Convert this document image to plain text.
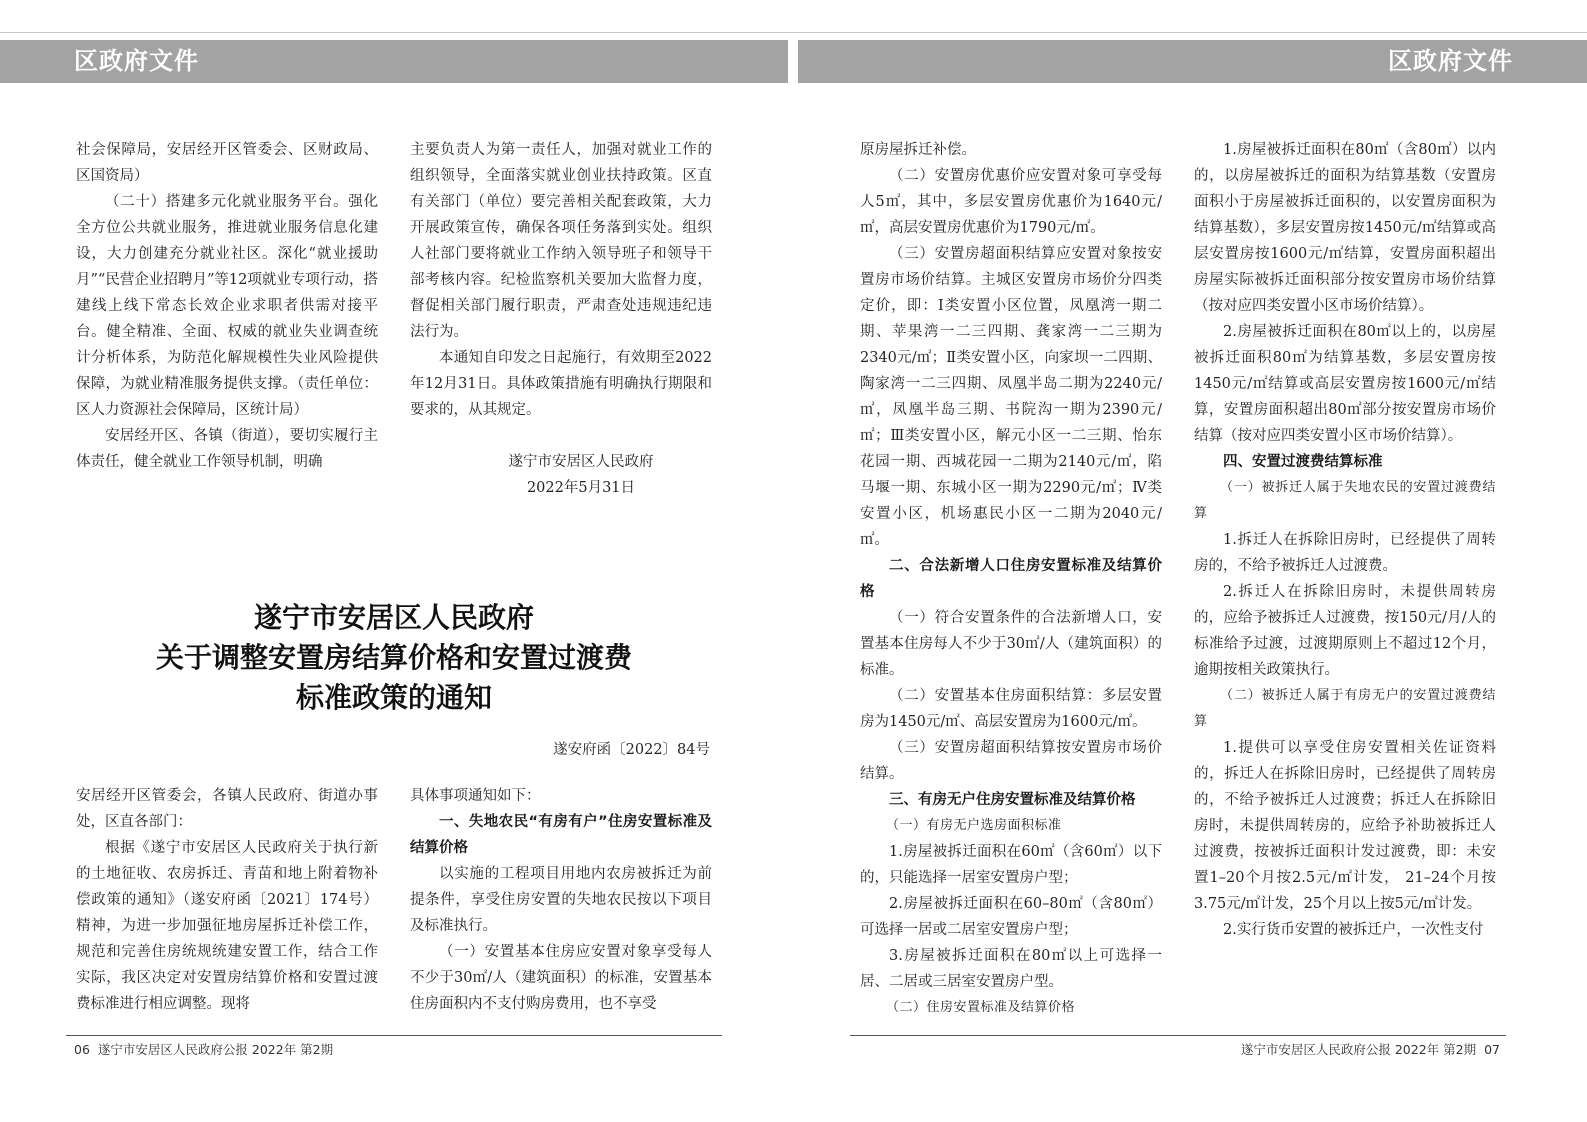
区政府文件	区政府文件

社会保障局，安居经开区管委会、区财政局、区国资局）

（二十）搭建多元化就业服务平台。强化全方位公共就业服务，推进就业服务信息化建设，大力创建充分就业社区。深化“就业援助月”“民营企业招聘月”等12项就业专项行动，搭建线上线下常态长效企业求职者供需对接平台。健全精准、全面、权威的就业失业调查统计分析体系，为防范化解规模性失业风险提供保障，为就业精准服务提供支撑。（责任单位：区人力资源社会保障局，区统计局）

安居经开区、各镇（街道），要切实履行主体责任，健全就业工作领导机制，明确

主要负责人为第一责任人，加强对就业工作的组织领导，全面落实就业创业扶持政策。区直有关部门（单位）要完善相关配套政策，大力开展政策宣传，确保各项任务落到实处。组织人社部门要将就业工作纳入领导班子和领导干部考核内容。纪检监察机关要加大监督力度，督促相关部门履行职责，严肃查处违规违纪违法行为。

本通知自印发之日起施行，有效期至2022年12月31日。具体政策措施有明确执行期限和要求的，从其规定。

遂宁市安居区人民政府

2022年5月31日

遂宁市安居区人民政府
关于调整安置房结算价格和安置过渡费
标准政策的通知
遂安府函〔2022〕84号

安居经开区管委会，各镇人民政府、街道办事处，区直各部门：

根据《遂宁市安居区人民政府关于执行新的土地征收、农房拆迁、青苗和地上附着物补偿政策的通知》（遂安府函〔2021〕174号）精神，为进一步加强征地房屋拆迁补偿工作，规范和完善住房统规统建安置工作，结合工作实际，我区决定对安置房结算价格和安置过渡费标准进行相应调整。现将

具体事项通知如下：

一、失地农民“有房有户”住房安置标准及结算价格

以实施的工程项目用地内农房被拆迁为前提条件，享受住房安置的失地农民按以下项目及标准执行。

（一）安置基本住房应安置对象享受每人不少于30㎡/人（建筑面积）的标准，安置基本住房面积内不支付购房费用，也不享受

原房屋拆迁补偿。

（二）安置房优惠价应安置对象可享受每人5㎡，其中，多层安置房优惠价为1640元/㎡，高层安置房优惠价为1790元/㎡。

（三）安置房超面积结算应安置对象按安置房市场价结算。主城区安置房市场价分四类定价，即：Ⅰ类安置小区位置，凤凰湾一期二期、苹果湾一二三四期、龚家湾一二三期为2340元/㎡；Ⅱ类安置小区，向家坝一二四期、陶家湾一二三四期、凤凰半岛二期为2240元/㎡，凤凰半岛三期、书院沟一期为2390元/㎡；Ⅲ类安置小区，解元小区一二三期、怡东花园一期、西城花园一二期为2140元/㎡，陷马堰一期、东城小区一期为2290元/㎡；Ⅳ类安置小区，机场惠民小区一二期为2040元/㎡。

二、合法新增人口住房安置标准及结算价格

（一）符合安置条件的合法新增人口，安置基本住房每人不少于30㎡/人（建筑面积）的标准。

（二）安置基本住房面积结算：多层安置房为1450元/㎡、高层安置房为1600元/㎡。

（三）安置房超面积结算按安置房市场价结算。

三、有房无户住房安置标准及结算价格

（一）有房无户选房面积标准

1.房屋被拆迁面积在60㎡（含60㎡）以下的，只能选择一居室安置房户型；

2.房屋被拆迁面积在60–80㎡（含80㎡）可选择一居或二居室安置房户型；

3.房屋被拆迁面积在80㎡以上可选择一居、二居或三居室安置房户型。

（二）住房安置标准及结算价格

1.房屋被拆迁面积在80㎡（含80㎡）以内的，以房屋被拆迁的面积为结算基数（安置房面积小于房屋被拆迁面积的，以安置房面积为结算基数），多层安置房按1450元/㎡结算或高层安置房按1600元/㎡结算，安置房面积超出房屋实际被拆迁面积部分按安置房市场价结算（按对应四类安置小区市场价结算）。

2.房屋被拆迁面积在80㎡以上的，以房屋被拆迁面积80㎡为结算基数，多层安置房按1450元/㎡结算或高层安置房按1600元/㎡结算，安置房面积超出80㎡部分按安置房市场价结算（按对应四类安置小区市场价结算）。

四、安置过渡费结算标准

（一）被拆迁人属于失地农民的安置过渡费结算

1.拆迁人在拆除旧房时，已经提供了周转房的，不给予被拆迁人过渡费。

2.拆迁人在拆除旧房时，未提供周转房的，应给予被拆迁人过渡费，按150元/月/人的标准给予过渡，过渡期原则上不超过12个月，逾期按相关政策执行。

（二）被拆迁人属于有房无户的安置过渡费结算

1.提供可以享受住房安置相关佐证资料的，拆迁人在拆除旧房时，已经提供了周转房的，不给予被拆迁人过渡费；拆迁人在拆除旧房时，未提供周转房的，应给予补助被拆迁人过渡费，按被拆迁面积计发过渡费，即：未安置1–20个月按2.5元/㎡计发， 21–24个月按3.75元/㎡计发，25个月以上按5元/㎡计发。

2.实行货币安置的被拆迁户，一次性支付

06 遂宁市安居区人民政府公报 2022年 第2期	遂宁市安居区人民政府公报 2022年 第2期 07
